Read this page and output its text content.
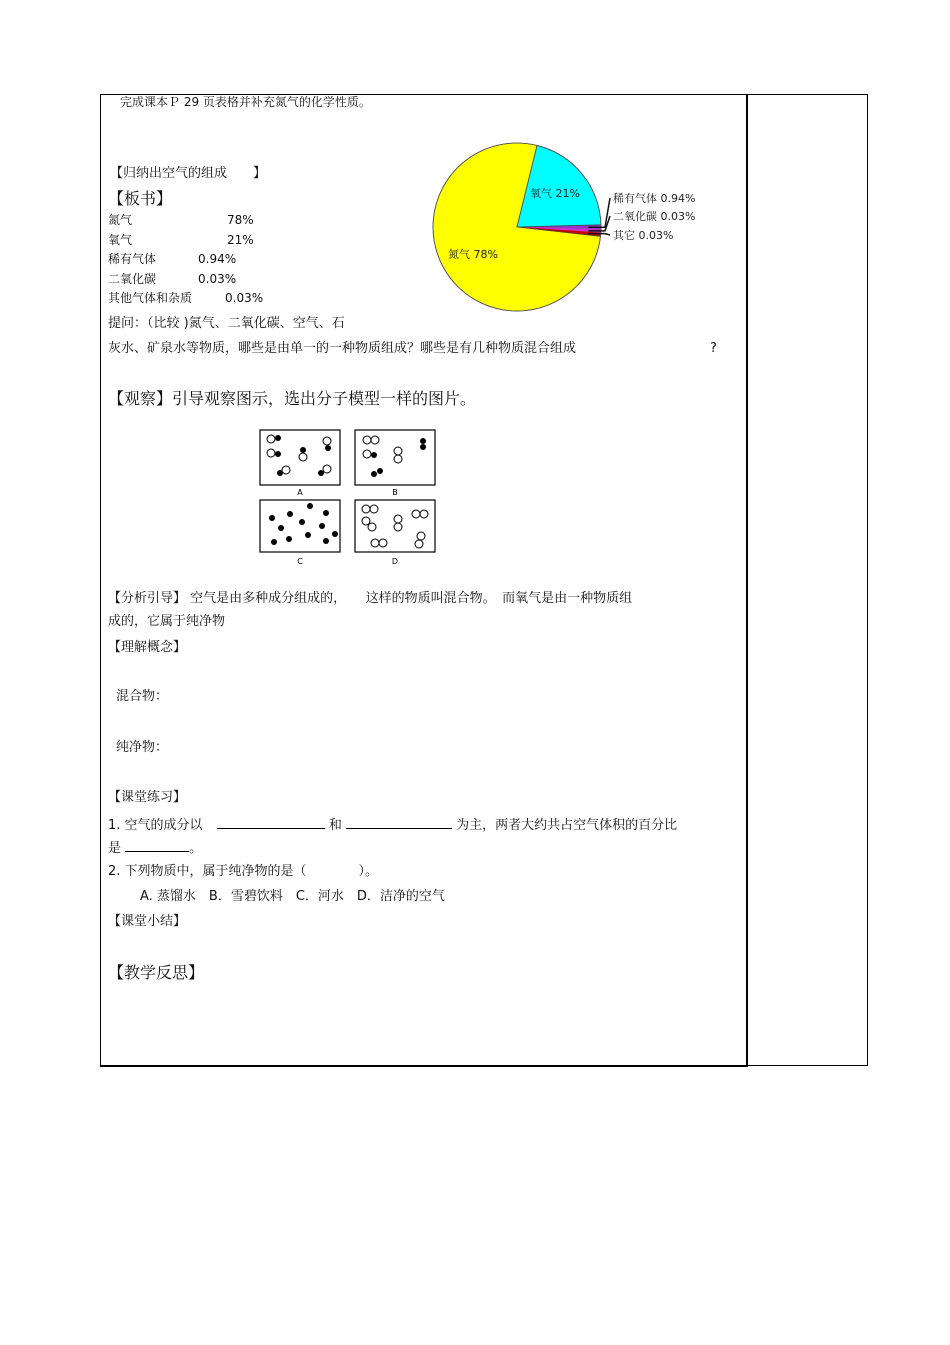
完成课本Ｐ 29 页表格并补充氮气的化学性质。
【归纳出空气的组成　　】
【板书】
氮气	78%
氧气	21%
稀有气体	0.94%
二氧化碳	0.03%
其他气体和杂质	0.03%
氮气 78%
氧气 21%	稀有气体 0.94%
二氧化碳 0.03%
其它 0.03%
提问：（比较 )氮气、二氧化碳、空气、石
灰水、矿泉水等物质，哪些是由单一的一种物质组成？哪些是有几种物质混合组成	?
【观察】引导观察图示，选出分子模型一样的图片。
A	B
C	D
【分析引导】 空气是由多种成分组成的，　　这样的物质叫混合物。　而氧气是由一种物质组
成的，它属于纯净物
【理解概念】
混合物：
纯净物：
【课堂练习】
1. 空气的成分以	和	为主，两者大约共占空气体积的百分比
是	。
2. 下列物质中，属于纯净物的是（　　　　）。
A. 蒸馏水　B．雪碧饮料　C．河水　D．洁净的空气
【课堂小结】
【教学反思】
